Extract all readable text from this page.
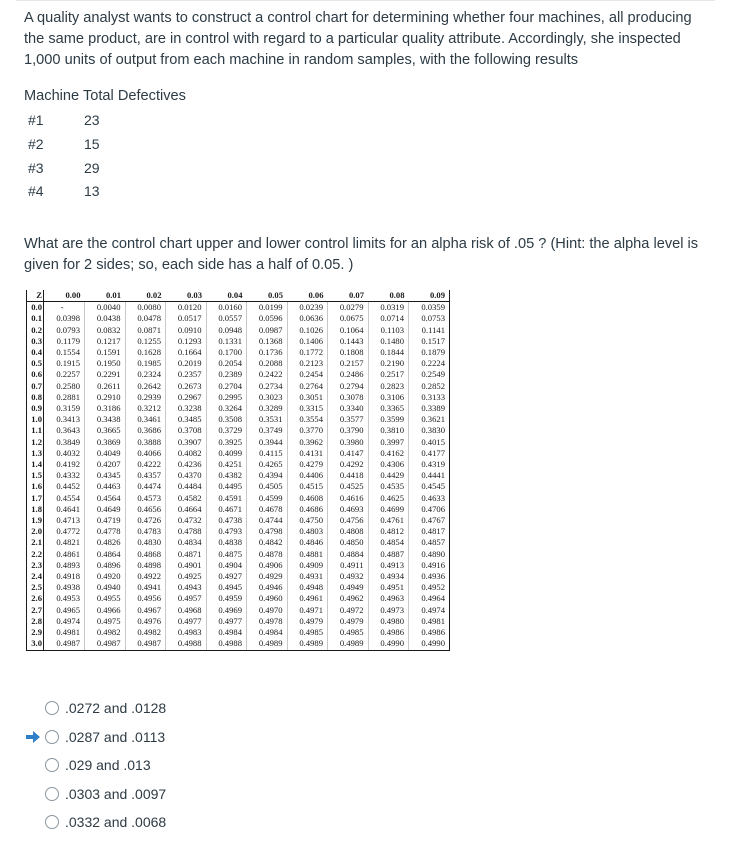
A quality analyst wants to construct a control chart for determining whether four machines, all producing the same product, are in control with regard to a particular quality attribute. Accordingly, she inspected 1,000 units of output from each machine in random samples, with the following results
Machine Total Defectives
#1	23
#2	15
#3	29
#4	13
What are the control chart upper and lower control limits for an alpha risk of .05 ? (Hint: the alpha level is given for 2 sides; so, each side has a half of 0.05. )
Z	0.00	0.01	0.02	0.03	0.04	0.05	0.06	0.07	0.08	0.09
0.0	-	0.0040	0.0080	0.0120	0.0160	0.0199	0.0239	0.0279	0.0319	0.0359
0.1	0.0398	0.0438	0.0478	0.0517	0.0557	0.0596	0.0636	0.0675	0.0714	0.0753
0.2	0.0793	0.0832	0.0871	0.0910	0.0948	0.0987	0.1026	0.1064	0.1103	0.1141
0.3	0.1179	0.1217	0.1255	0.1293	0.1331	0.1368	0.1406	0.1443	0.1480	0.1517
0.4	0.1554	0.1591	0.1628	0.1664	0.1700	0.1736	0.1772	0.1808	0.1844	0.1879
0.5	0.1915	0.1950	0.1985	0.2019	0.2054	0.2088	0.2123	0.2157	0.2190	0.2224
0.6	0.2257	0.2291	0.2324	0.2357	0.2389	0.2422	0.2454	0.2486	0.2517	0.2549
0.7	0.2580	0.2611	0.2642	0.2673	0.2704	0.2734	0.2764	0.2794	0.2823	0.2852
0.8	0.2881	0.2910	0.2939	0.2967	0.2995	0.3023	0.3051	0.3078	0.3106	0.3133
0.9	0.3159	0.3186	0.3212	0.3238	0.3264	0.3289	0.3315	0.3340	0.3365	0.3389
1.0	0.3413	0.3438	0.3461	0.3485	0.3508	0.3531	0.3554	0.3577	0.3599	0.3621
1.1	0.3643	0.3665	0.3686	0.3708	0.3729	0.3749	0.3770	0.3790	0.3810	0.3830
1.2	0.3849	0.3869	0.3888	0.3907	0.3925	0.3944	0.3962	0.3980	0.3997	0.4015
1.3	0.4032	0.4049	0.4066	0.4082	0.4099	0.4115	0.4131	0.4147	0.4162	0.4177
1.4	0.4192	0.4207	0.4222	0.4236	0.4251	0.4265	0.4279	0.4292	0.4306	0.4319
1.5	0.4332	0.4345	0.4357	0.4370	0.4382	0.4394	0.4406	0.4418	0.4429	0.4441
1.6	0.4452	0.4463	0.4474	0.4484	0.4495	0.4505	0.4515	0.4525	0.4535	0.4545
1.7	0.4554	0.4564	0.4573	0.4582	0.4591	0.4599	0.4608	0.4616	0.4625	0.4633
1.8	0.4641	0.4649	0.4656	0.4664	0.4671	0.4678	0.4686	0.4693	0.4699	0.4706
1.9	0.4713	0.4719	0.4726	0.4732	0.4738	0.4744	0.4750	0.4756	0.4761	0.4767
2.0	0.4772	0.4778	0.4783	0.4788	0.4793	0.4798	0.4803	0.4808	0.4812	0.4817
2.1	0.4821	0.4826	0.4830	0.4834	0.4838	0.4842	0.4846	0.4850	0.4854	0.4857
2.2	0.4861	0.4864	0.4868	0.4871	0.4875	0.4878	0.4881	0.4884	0.4887	0.4890
2.3	0.4893	0.4896	0.4898	0.4901	0.4904	0.4906	0.4909	0.4911	0.4913	0.4916
2.4	0.4918	0.4920	0.4922	0.4925	0.4927	0.4929	0.4931	0.4932	0.4934	0.4936
2.5	0.4938	0.4940	0.4941	0.4943	0.4945	0.4946	0.4948	0.4949	0.4951	0.4952
2.6	0.4953	0.4955	0.4956	0.4957	0.4959	0.4960	0.4961	0.4962	0.4963	0.4964
2.7	0.4965	0.4966	0.4967	0.4968	0.4969	0.4970	0.4971	0.4972	0.4973	0.4974
2.8	0.4974	0.4975	0.4976	0.4977	0.4977	0.4978	0.4979	0.4979	0.4980	0.4981
2.9	0.4981	0.4982	0.4982	0.4983	0.4984	0.4984	0.4985	0.4985	0.4986	0.4986
3.0	0.4987	0.4987	0.4987	0.4988	0.4988	0.4989	0.4989	0.4989	0.4990	0.4990
.0272 and .0128
.0287 and .0113
.029 and .013
.0303 and .0097
.0332 and .0068
